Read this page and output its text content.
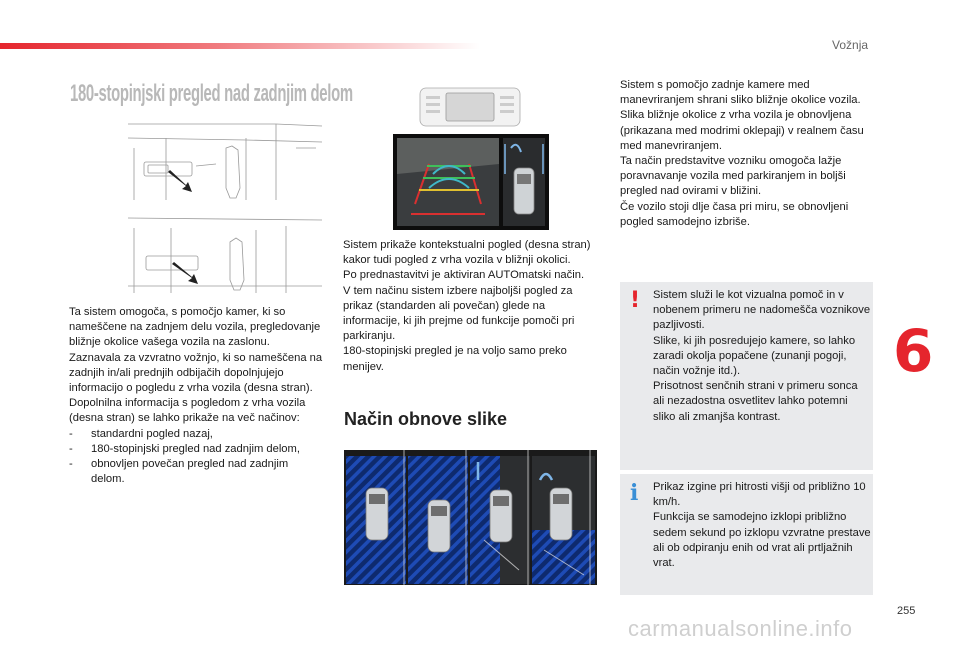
Vožnja
180-stopinjski pregled nad zadnjim delom

Ta sistem omogoča, s pomočjo kamer, ki so nameščene na zadnjem delu vozila, pregledovanje bližnje okolice vašega vozila na zaslonu. Zaznavala za vzvratno vožnjo, ki so nameščena na zadnjih in/ali prednjih odbijačih dopolnjujejo informacijo o pogledu z vrha vozila (desna stran).

Dopolnilna informacija s pogledom z vrha vozila (desna stran) se lahko prikaže na več načinov:

- standardni pogled nazaj,
- 180-stopinjski pregled nad zadnjim delom,
- obnovljen povečan pregled nad zadnjim delom.

Sistem prikaže kontekstualni pogled (desna stran) kakor tudi pogled z vrha vozila v bližnji okolici.

Po prednastavitvi je aktiviran AUTOmatski način.

V tem načinu sistem izbere najboljši pogled za prikaz (standarden ali povečan) glede na informacije, ki jih prejme od funkcije pomoči pri parkiranju.

180-stopinjski pregled je na voljo samo preko menijev.

Način obnove slike

Sistem s pomočjo zadnje kamere med manevriranjem shrani sliko bližnje okolice vozila. Slika bližnje okolice z vrha vozila je obnovljena (prikazana med modrimi oklepaji) v realnem času med manevriranjem.

Ta način predstavitve vozniku omogoča lažje poravnavanje vozila med parkiranjem in boljši pregled nad ovirami v bližini.

Če vozilo stoji dlje časa pri miru, se obnovljeni pogled samodejno izbriše.

!	Sistem služi le kot vizualna pomoč in v nobenem primeru ne nadomešča voznikove pazljivosti.

Slike, ki jih posredujejo kamere, so lahko zaradi okolja popačene (zunanji pogoji, način vožnje itd.).

Prisotnost senčnih strani v primeru sonca ali nezadostna osvetlitev lahko potemni sliko ali zmanjša kontrast.

i	Prikaz izgine pri hitrosti višji od približno 10 km/h.

Funkcija se samodejno izklopi približno sedem sekund po izklopu vzvratne prestave ali ob odpiranju enih od vrat ali prtljažnih vrat.

6
255
carmanualsonline.info
